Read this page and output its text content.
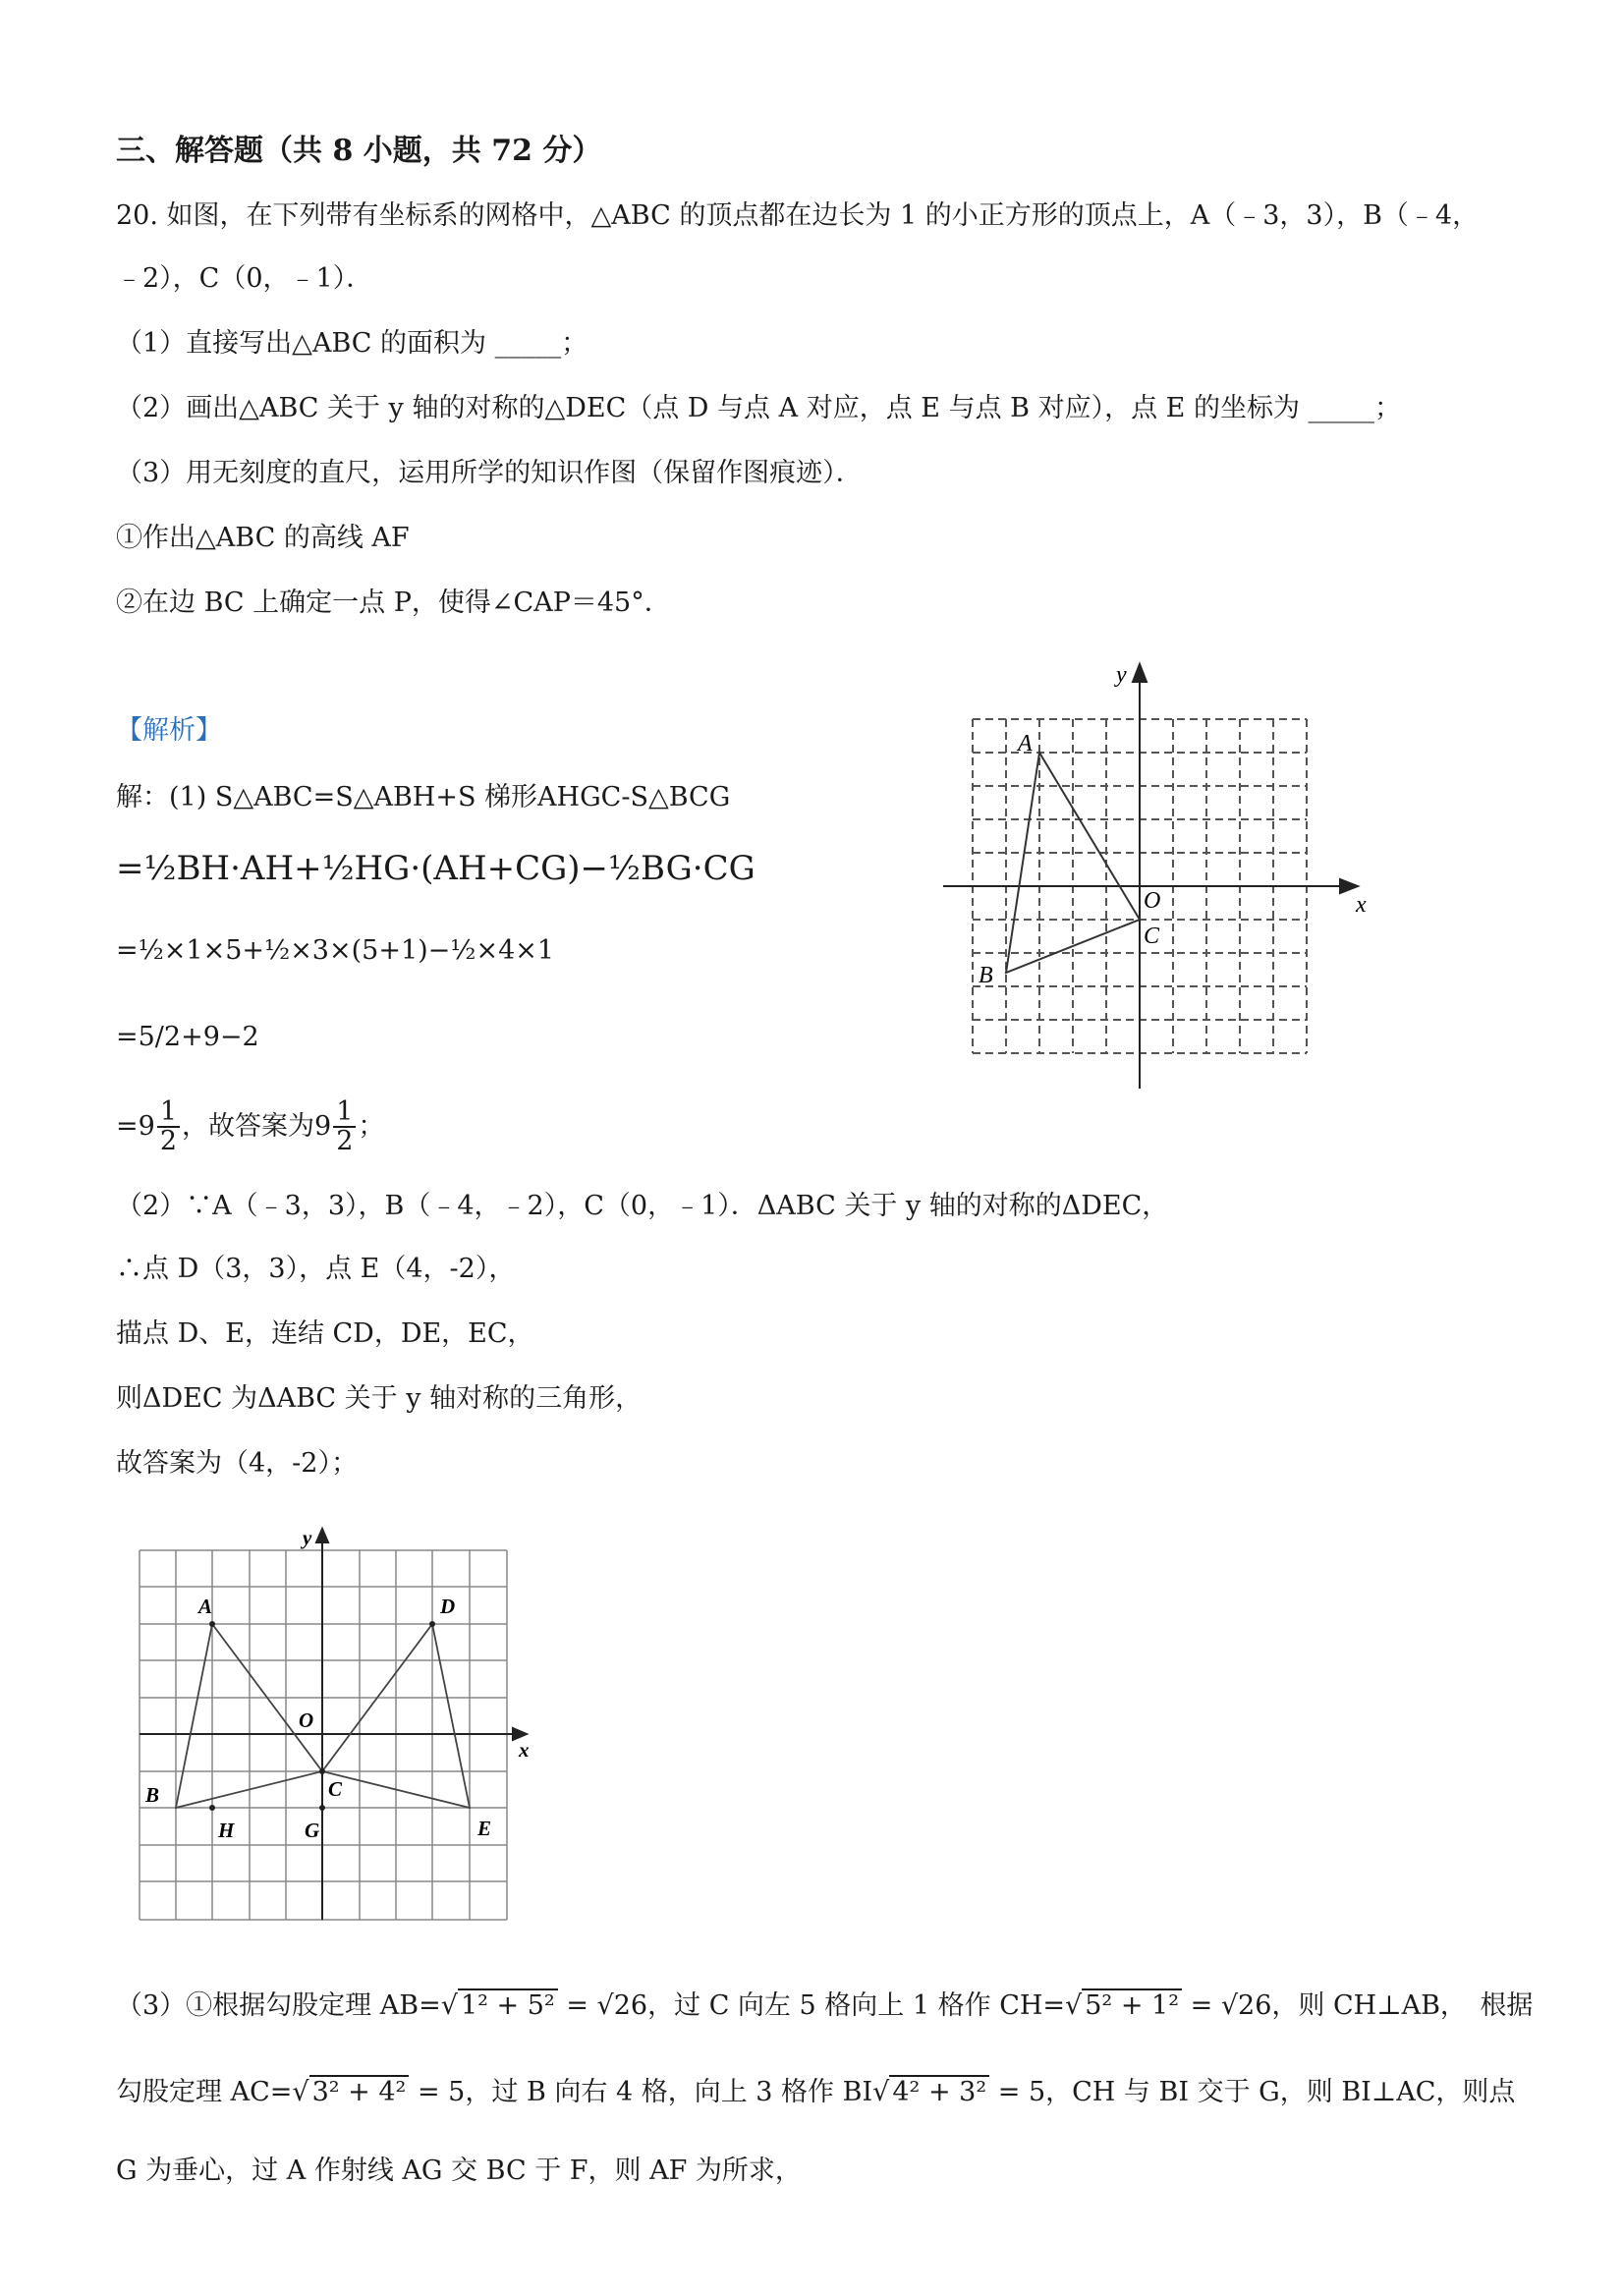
三、解答题（共 8 小题，共 72 分）
20. 如图，在下列带有坐标系的网格中，△ABC 的顶点都在边长为 1 的小正方形的顶点上，A（﹣3，3），B（﹣4，
﹣2），C（0，﹣1）．
（1）直接写出△ABC 的面积为 _____；
（2）画出△ABC 关于 y 轴的对称的△DEC（点 D 与点 A 对应，点 E 与点 B 对应），点 E 的坐标为 _____；
（3）用无刻度的直尺，运用所学的知识作图（保留作图痕迹）．
①作出△ABC 的高线 AF
②在边 BC 上确定一点 P，使得∠CAP＝45°．
A
B
C
O	x
y
【解析】
解：(1) S△ABC=S△ABH+S 梯形AHGC-S△BCG
=½BH·AH+½HG·(AH+CG)−½BG·CG
=½×1×5+½×3×(5+1)−½×4×1
=5/2+9−2
$=9 \frac{1}{2}$ ，故答案为$9 \frac{1}{2}$ ；
（2）∵A（﹣3，3），B（﹣4，﹣2），C（0，﹣1）．ΔABC 关于 y 轴的对称的ΔDEC，
∴点 D（3，3），点 E（4，-2），
描点 D、E，连结 CD，DE，EC，
则ΔDEC 为ΔABC 关于 y 轴对称的三角形，
故答案为（4，-2）；
A
B	C
D
E
G
H
O
x
y
（3）①根据勾股定理 AB=√ 1² + 5² = √26，过 C 向左 5 格向上 1 格作 CH=√ 5² + 1² = √26，则 CH⊥AB，　根据
勾股定理 AC=√ 3² + 4² = 5，过 B 向右 4 格，向上 3 格作 BI√ 4² + 3² = 5，CH 与 BI 交于 G，则 BI⊥AC，则点
G 为垂心，过 A 作射线 AG 交 BC 于 F，则 AF 为所求，
